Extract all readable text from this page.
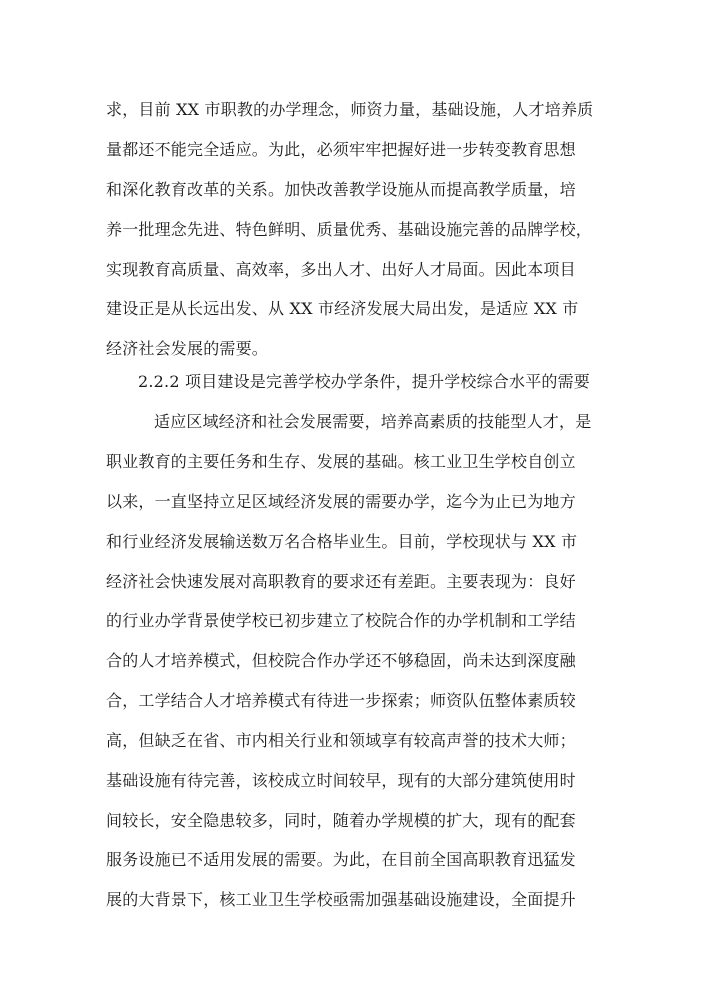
求，目前 XX 市职教的办学理念，师资力量，基础设施，人才培养质
量都还不能完全适应。为此，必须牢牢把握好进一步转变教育思想
和深化教育改革的关系。加快改善教学设施从而提高教学质量，培
养一批理念先进、特色鲜明、质量优秀、基础设施完善的品牌学校，
实现教育高质量、高效率，多出人才、出好人才局面。因此本项目
建设正是从长远出发、从 XX 市经济发展大局出发，是适应 XX 市
经济社会发展的需要。
2.2.2 项目建设是完善学校办学条件，提升学校综合水平的需要
适应区域经济和社会发展需要，培养高素质的技能型人才，是
职业教育的主要任务和生存、发展的基础。核工业卫生学校自创立
以来，一直坚持立足区域经济发展的需要办学，迄今为止已为地方
和行业经济发展输送数万名合格毕业生。目前，学校现状与 XX 市
经济社会快速发展对高职教育的要求还有差距。主要表现为：良好
的行业办学背景使学校已初步建立了校院合作的办学机制和工学结
合的人才培养模式，但校院合作办学还不够稳固，尚未达到深度融
合，工学结合人才培养模式有待进一步探索；师资队伍整体素质较
高，但缺乏在省、市内相关行业和领域享有较高声誉的技术大师；
基础设施有待完善，该校成立时间较早，现有的大部分建筑使用时
间较长，安全隐患较多，同时，随着办学规模的扩大，现有的配套
服务设施已不适用发展的需要。为此，在目前全国高职教育迅猛发
展的大背景下，核工业卫生学校亟需加强基础设施建设，全面提升
